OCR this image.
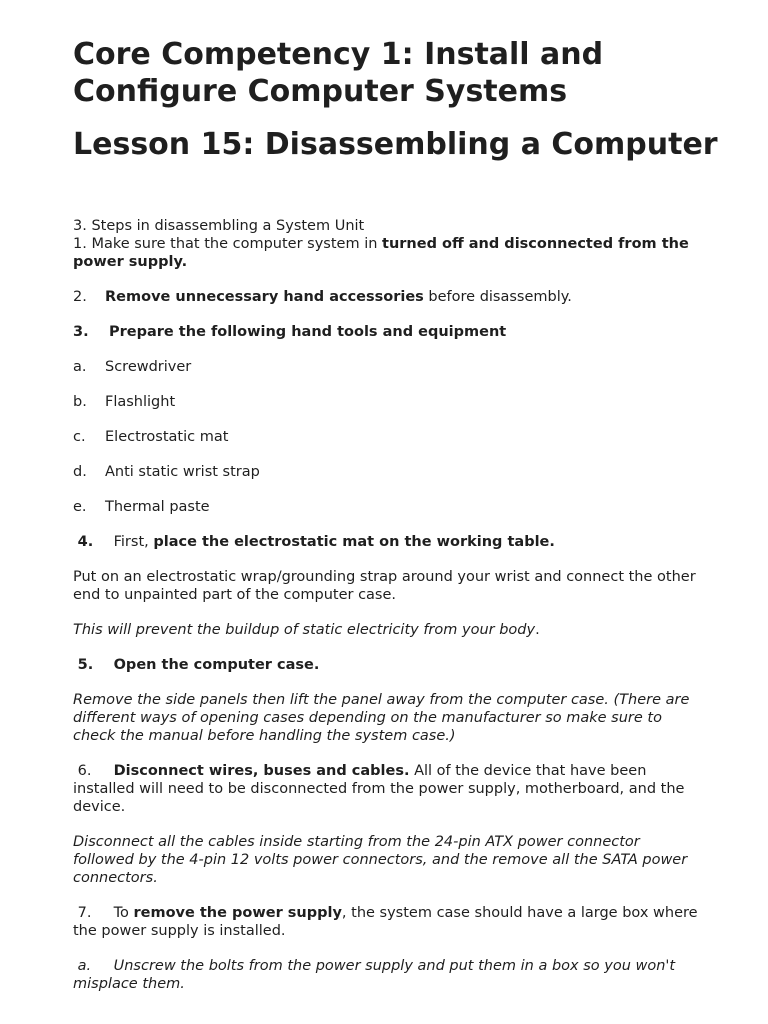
Core Competency 1: Install and Configure Computer Systems
Lesson 15: Disassembling a Computer

3. Steps in disassembling a System Unit

1. Make sure that the computer system in turned off and disconnected from the power supply.

2. Remove unnecessary hand accessories before disassembly.

3. Prepare the following hand tools and equipment

a. Screwdriver

b. Flashlight

c. Electrostatic mat

d. Anti static wrist strap

e. Thermal paste

4. First, place the electrostatic mat on the working table.

Put on an electrostatic wrap/grounding strap around your wrist and connect the other end to unpainted part of the computer case.

This will prevent the buildup of static electricity from your body.

5. Open the computer case.

Remove the side panels then lift the panel away from the computer case. (There are different ways of opening cases depending on the manufacturer so make sure to check the manual before handling the system case.)

6. Disconnect wires, buses and cables. All of the device that have been installed will need to be disconnected from the power supply, motherboard, and the device.

Disconnect all the cables inside starting from the 24-pin ATX power connector followed by the 4-pin 12 volts power connectors, and the remove all the SATA power connectors.

7. To remove the power supply, the system case should have a large box where the power supply is installed.

a. Unscrew the bolts from the power supply and put them in a box so you won't misplace them.
